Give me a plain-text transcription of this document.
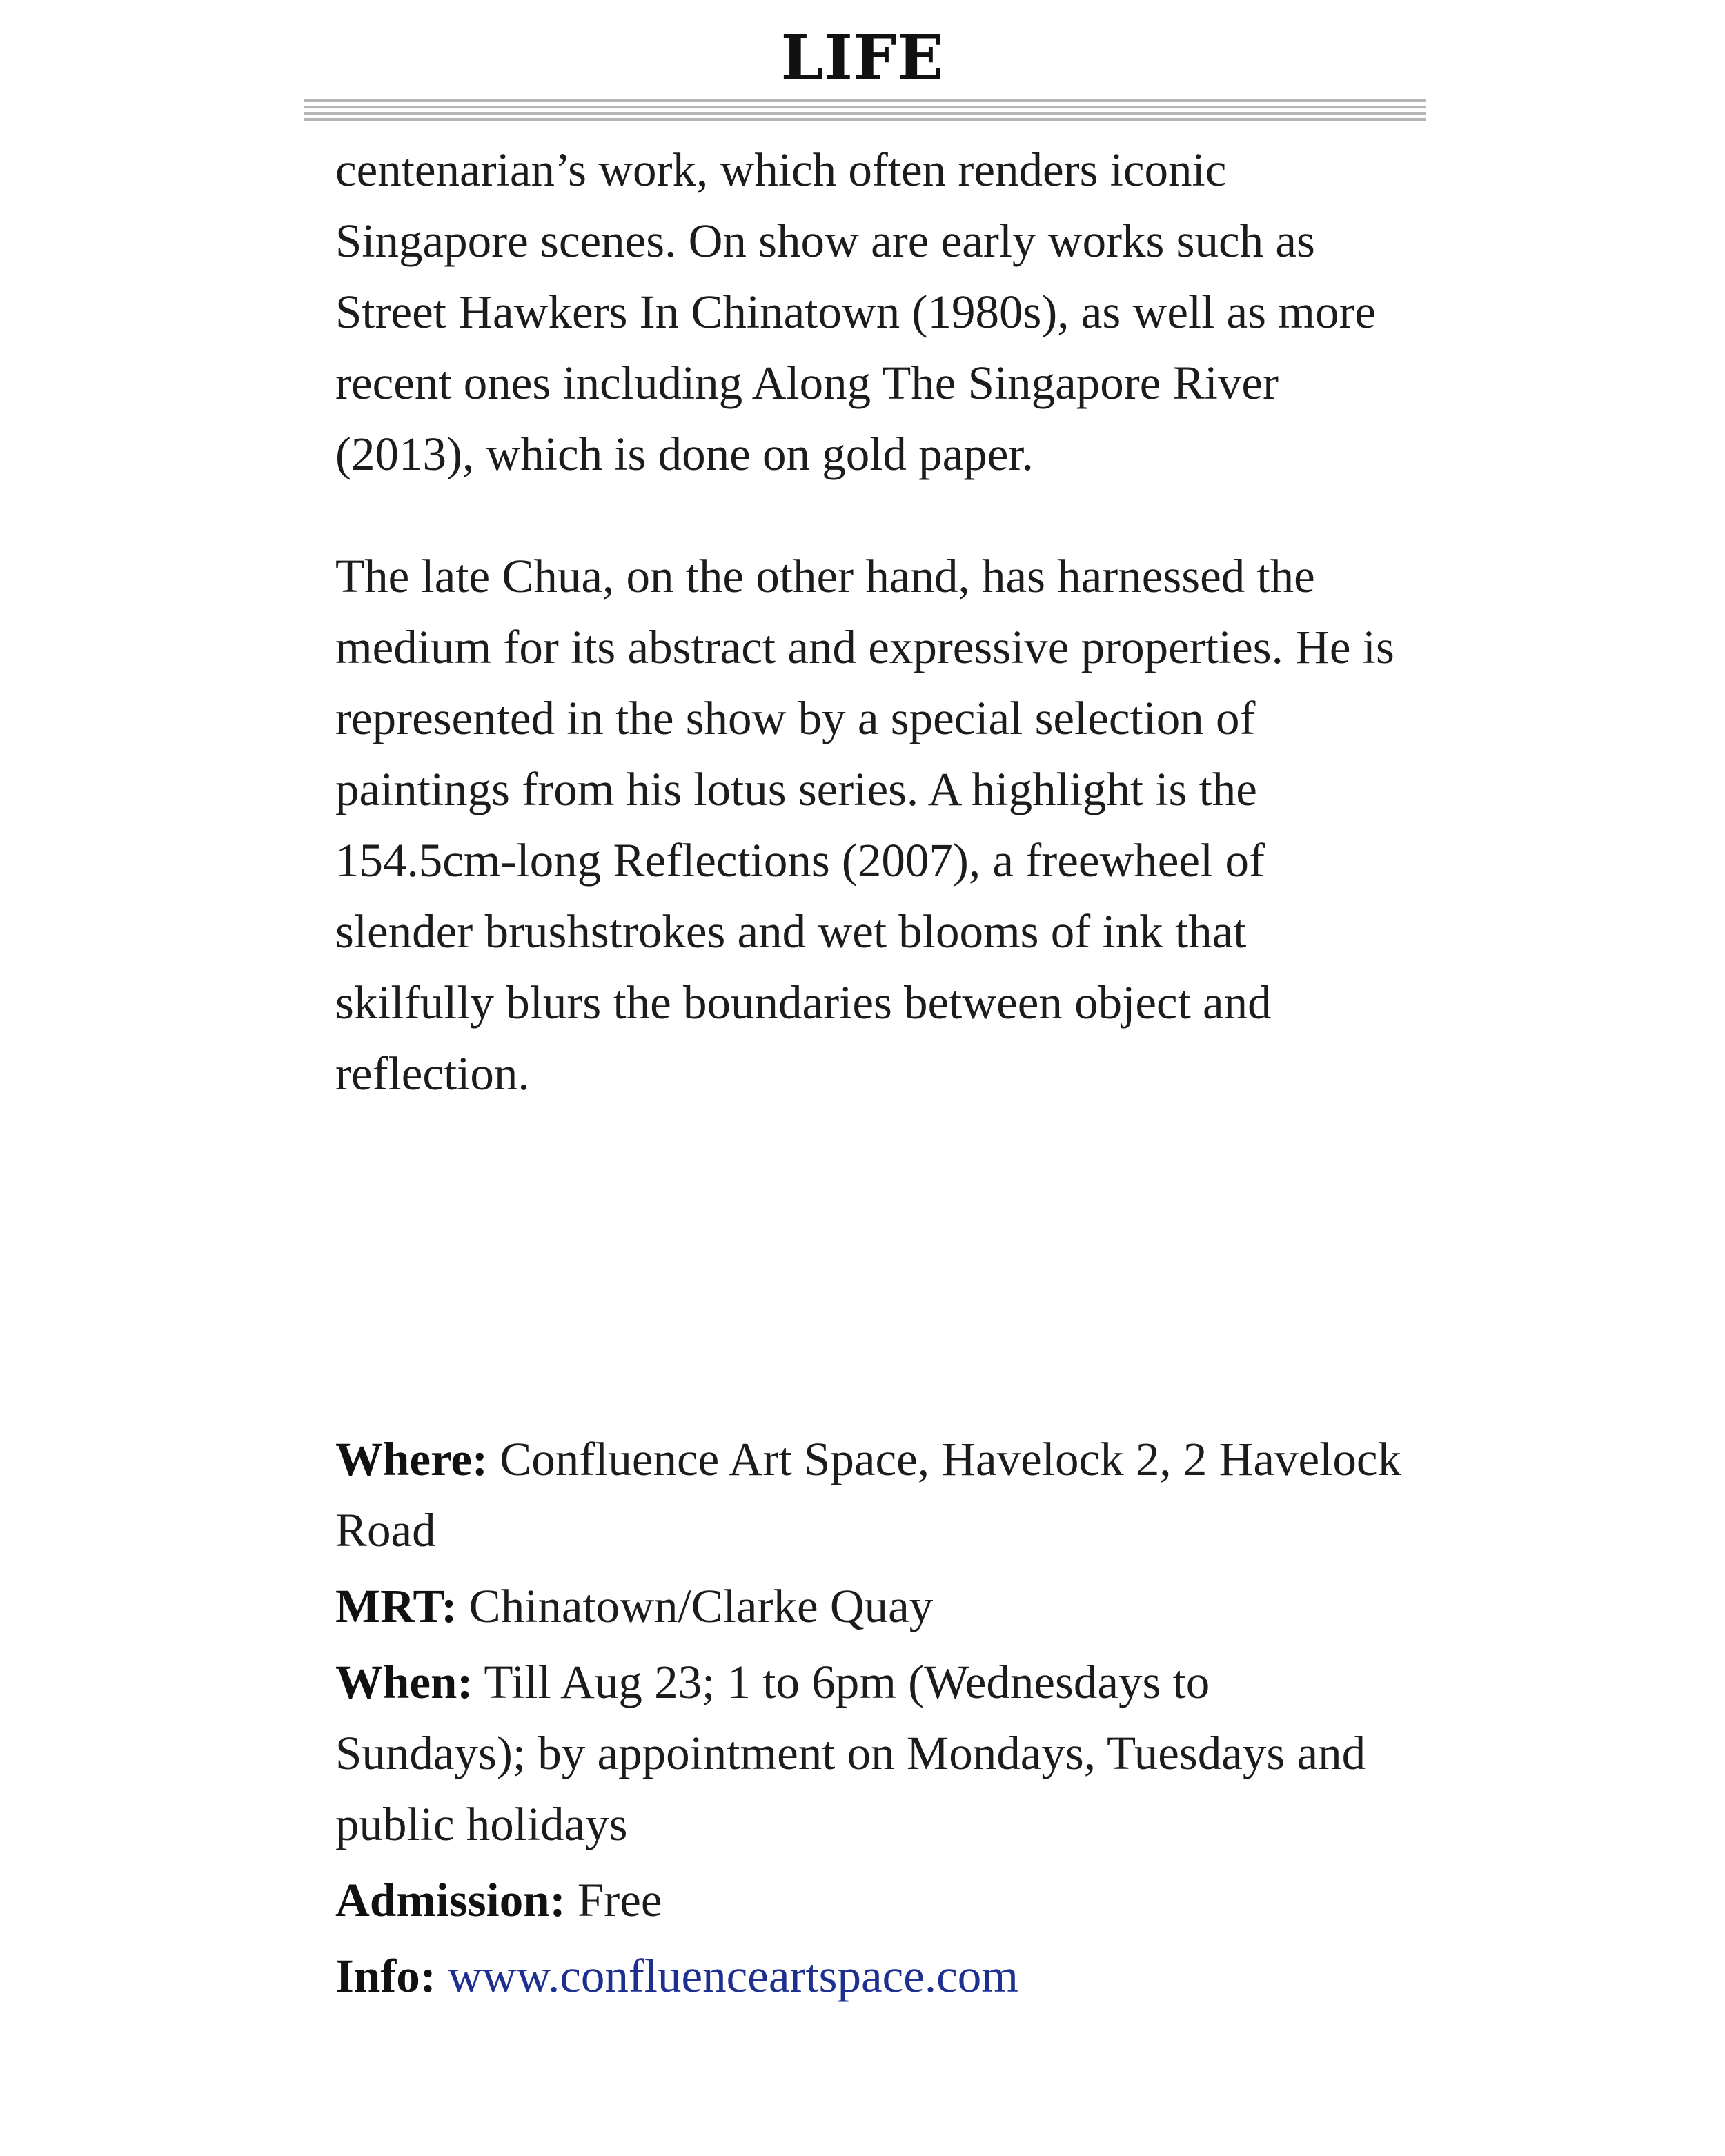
LIFE

centenarian’s work, which often renders iconic Singapore scenes. On show are early works such as Street Hawkers In Chinatown (1980s), as well as more recent ones including Along The Singapore River (2013), which is done on gold paper.

The late Chua, on the other hand, has harnessed the medium for its abstract and expressive properties. He is represented in the show by a special selection of paintings from his lotus series. A highlight is the 154.5cm-long Reflections (2007), a freewheel of slender brushstrokes and wet blooms of ink that skilfully blurs the boundaries between object and reflection.

Where: Confluence Art Space, Havelock 2, 2 Havelock Road

MRT: Chinatown/Clarke Quay

When: Till Aug 23; 1 to 6pm (Wednesdays to Sundays); by appointment on Mondays, Tuesdays and public holidays

Admission: Free

Info: www.confluenceartspace.com
